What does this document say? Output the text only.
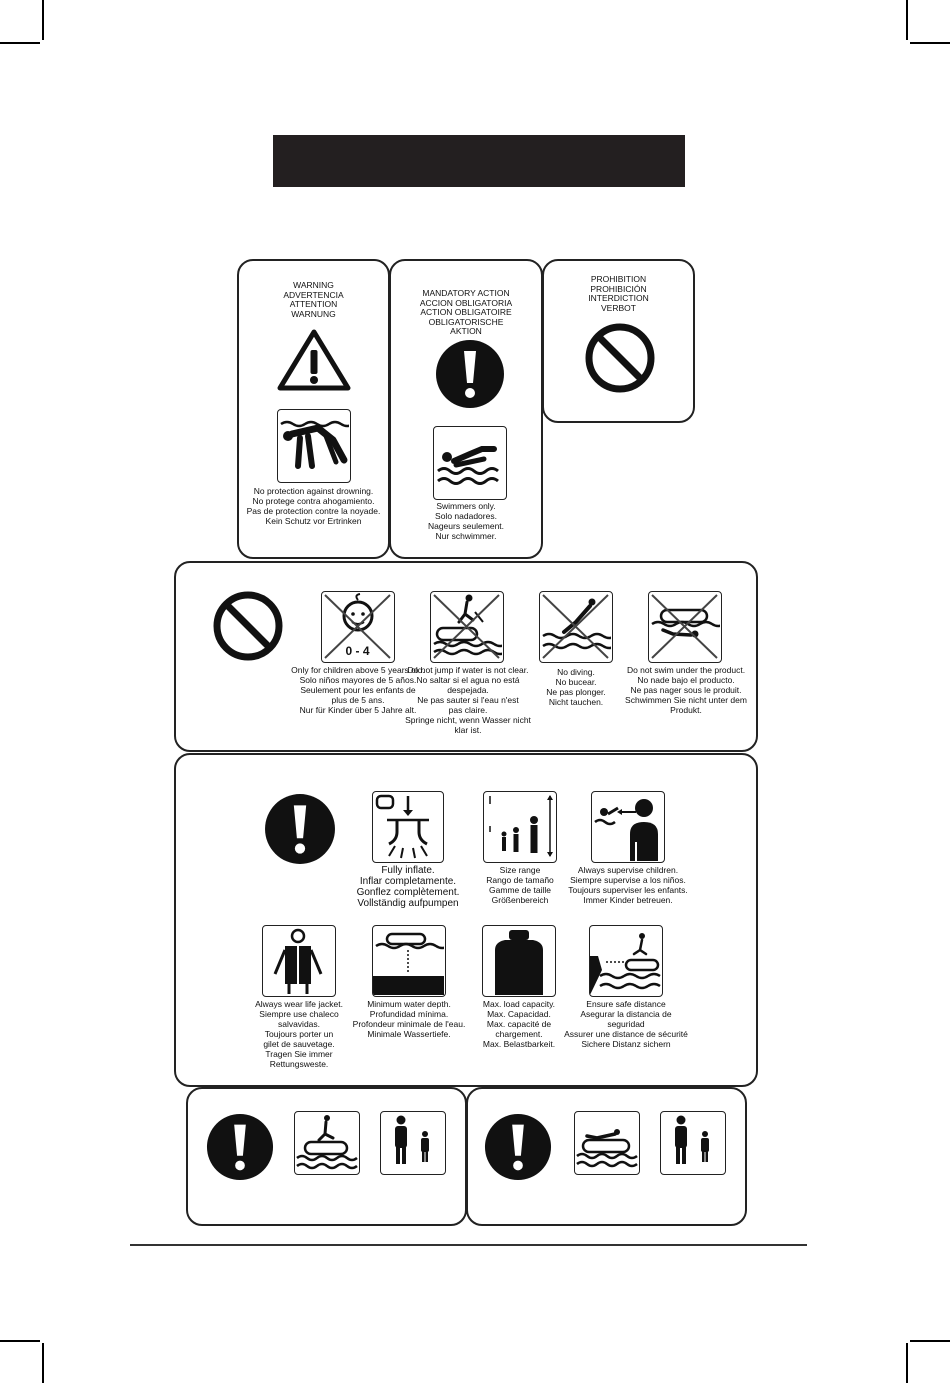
WARNING
ADVERTENCIA
ATTENTION
WARNUNG
No protection against drowning.
No protege contra ahogamiento.
Pas de protection contre la noyade.
Kein Schutz vor Ertrinken
MANDATORY ACTION
ACCION OBLIGATORIA
ACTION OBLIGATOIRE
OBLIGATORISCHE
AKTION
Swimmers only.
Solo nadadores.
Nageurs seulement.
Nur schwimmer.
PROHIBITION
PROHIBICIÓN
INTERDICTION
VERBOT
0 - 4
Only for children above 5 years old.
Solo niños mayores de 5 años.
Seulement pour les enfants de
plus de 5 ans.
Nur für Kinder über 5 Jahre alt.
Do not jump if water is not clear.
No saltar si el agua no está
despejada.
Ne pas sauter si l'eau n'est
pas claire.
Springe nicht, wenn Wasser nicht
klar ist.
No diving.
No bucear.
Ne pas plonger.
Nicht tauchen.
Do not swim under the product.
No nade bajo el producto.
Ne pas nager sous le produit.
Schwimmen Sie nicht unter dem
Produkt.
Fully inflate.
Inflar completamente.
Gonflez complètement.
Vollständig aufpumpen
Size range
Rango de tamaño
Gamme de taille
Größenbereich
Always supervise children.
Siempre supervise a los niños.
Toujours superviser les enfants.
Immer Kinder betreuen.
Always wear life jacket.
Siempre use chaleco
salvavidas.
Toujours porter un
gilet de sauvetage.
Tragen Sie immer
Rettungsweste.
Minimum water depth.
Profundidad mínima.
Profondeur minimale de l'eau.
Minimale Wassertiefe.
Max. load capacity.
Max. Capacidad.
Max. capacité de
chargement.
Max. Belastbarkeit.
Ensure safe distance
Asegurar la distancia de
seguridad
Assurer une distance de sécurité
Sichere Distanz sichern
